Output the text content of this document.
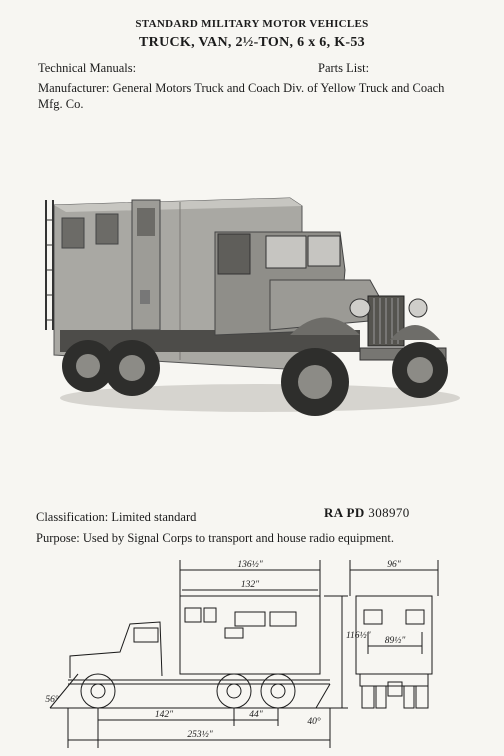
STANDARD MILITARY MOTOR VEHICLES
TRUCK, VAN, 2½-TON, 6 x 6, K-53
Technical Manuals:	Parts List:
Manufacturer: General Motors Truck and Coach Div. of Yellow Truck and Coach Mfg. Co.
Classification: Limited standard	RA PD 308970
Purpose: Used by Signal Corps to transport and house radio equipment.
136½"
132"
116½"
96"
89½"
56°
40°
142"	44"
253½"
